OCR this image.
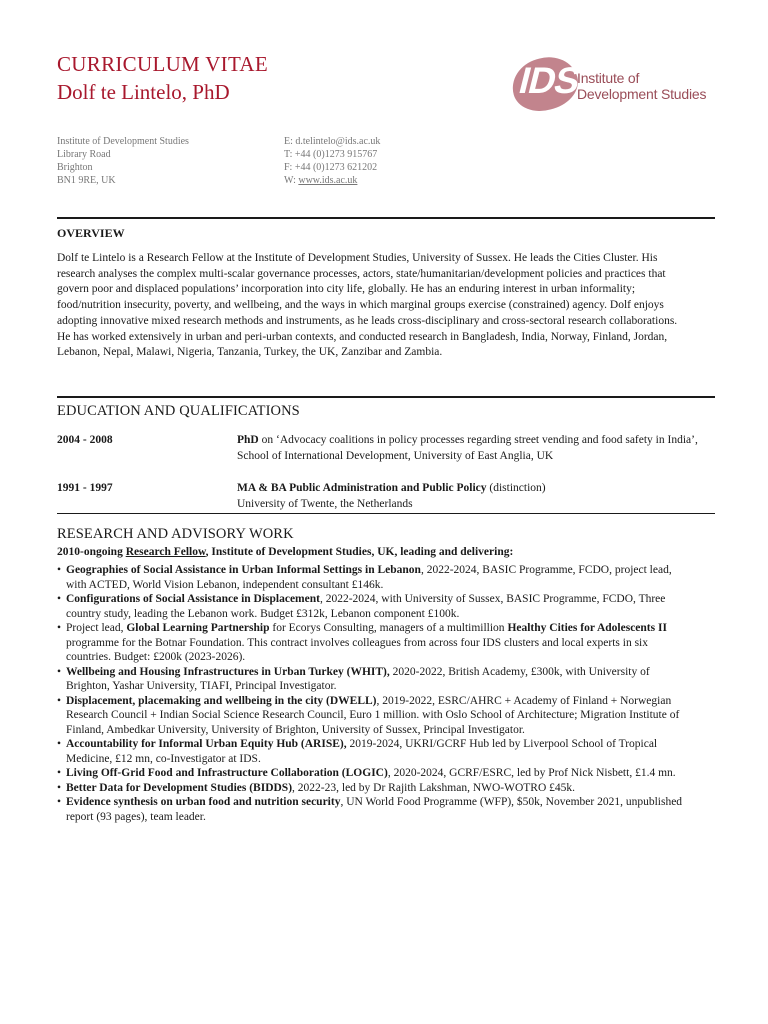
CURRICULUM VITAE
Dolf te Lintelo, PhD	IDS
Institute of
Development Studies
Institute of Development Studies
Library Road
Brighton
BN1 9RE, UK
E: d.telintelo@ids.ac.uk
T: +44 (0)1273 915767
F: +44 (0)1273 621202
W: www.ids.ac.uk
OVERVIEW

Dolf te Lintelo is a Research Fellow at the Institute of Development Studies, University of Sussex. He leads the Cities Cluster. His research analyses the complex multi-scalar governance processes, actors, state/humanitarian/development policies and practices that govern poor and displaced populations’ incorporation into city life, globally. He has an enduring interest in urban informality; food/nutrition insecurity, poverty, and wellbeing, and the ways in which marginal groups exercise (constrained) agency. Dolf enjoys adopting innovative mixed research methods and instruments, as he leads cross-disciplinary and cross-sectoral research collaborations. He has worked extensively in urban and peri-urban contexts, and conducted research in Bangladesh, India, Norway, Finland, Jordan, Lebanon, Nepal, Malawi, Nigeria, Tanzania, Turkey, the UK, Zanzibar and Zambia.

EDUCATION AND QUALIFICATIONS
2004 - 2008	PhD on ‘Advocacy coalitions in policy processes regarding street vending and food safety in India’, School of International Development, University of East Anglia, UK
1991 - 1997	MA & BA Public Administration and Public Policy (distinction)
University of Twente, the Netherlands
RESEARCH AND ADVISORY WORK
2010-ongoing Research Fellow, Institute of Development Studies, UK, leading and delivering:
• Geographies of Social Assistance in Urban Informal Settings in Lebanon, 2022-2024, BASIC Programme, FCDO, project lead, with ACTED, World Vision Lebanon, independent consultant £146k.
• Configurations of Social Assistance in Displacement, 2022-2024, with University of Sussex, BASIC Programme, FCDO, Three country study, leading the Lebanon work. Budget £312k, Lebanon component £100k.
• Project lead, Global Learning Partnership for Ecorys Consulting, managers of a multimillion Healthy Cities for Adolescents II programme for the Botnar Foundation. This contract involves colleagues from across four IDS clusters and local experts in six countries. Budget: £200k (2023-2026).
• Wellbeing and Housing Infrastructures in Urban Turkey (WHIT), 2020-2022, British Academy, £300k, with University of Brighton, Yashar University, TIAFI, Principal Investigator.
• Displacement, placemaking and wellbeing in the city (DWELL), 2019-2022, ESRC/AHRC + Academy of Finland + Norwegian Research Council + Indian Social Science Research Council, Euro 1 million. with Oslo School of Architecture; Migration Institute of Finland, Ambedkar University, University of Brighton, University of Sussex, Principal Investigator.
• Accountability for Informal Urban Equity Hub (ARISE), 2019-2024, UKRI/GCRF Hub led by Liverpool School of Tropical Medicine, £12 mn, co-Investigator at IDS.
• Living Off-Grid Food and Infrastructure Collaboration (LOGIC), 2020-2024, GCRF/ESRC, led by Prof Nick Nisbett, £1.4 mn.
• Better Data for Development Studies (BIDDS), 2022-23, led by Dr Rajith Lakshman, NWO-WOTRO £45k.
• Evidence synthesis on urban food and nutrition security, UN World Food Programme (WFP), $50k, November 2021, unpublished report (93 pages), team leader.
